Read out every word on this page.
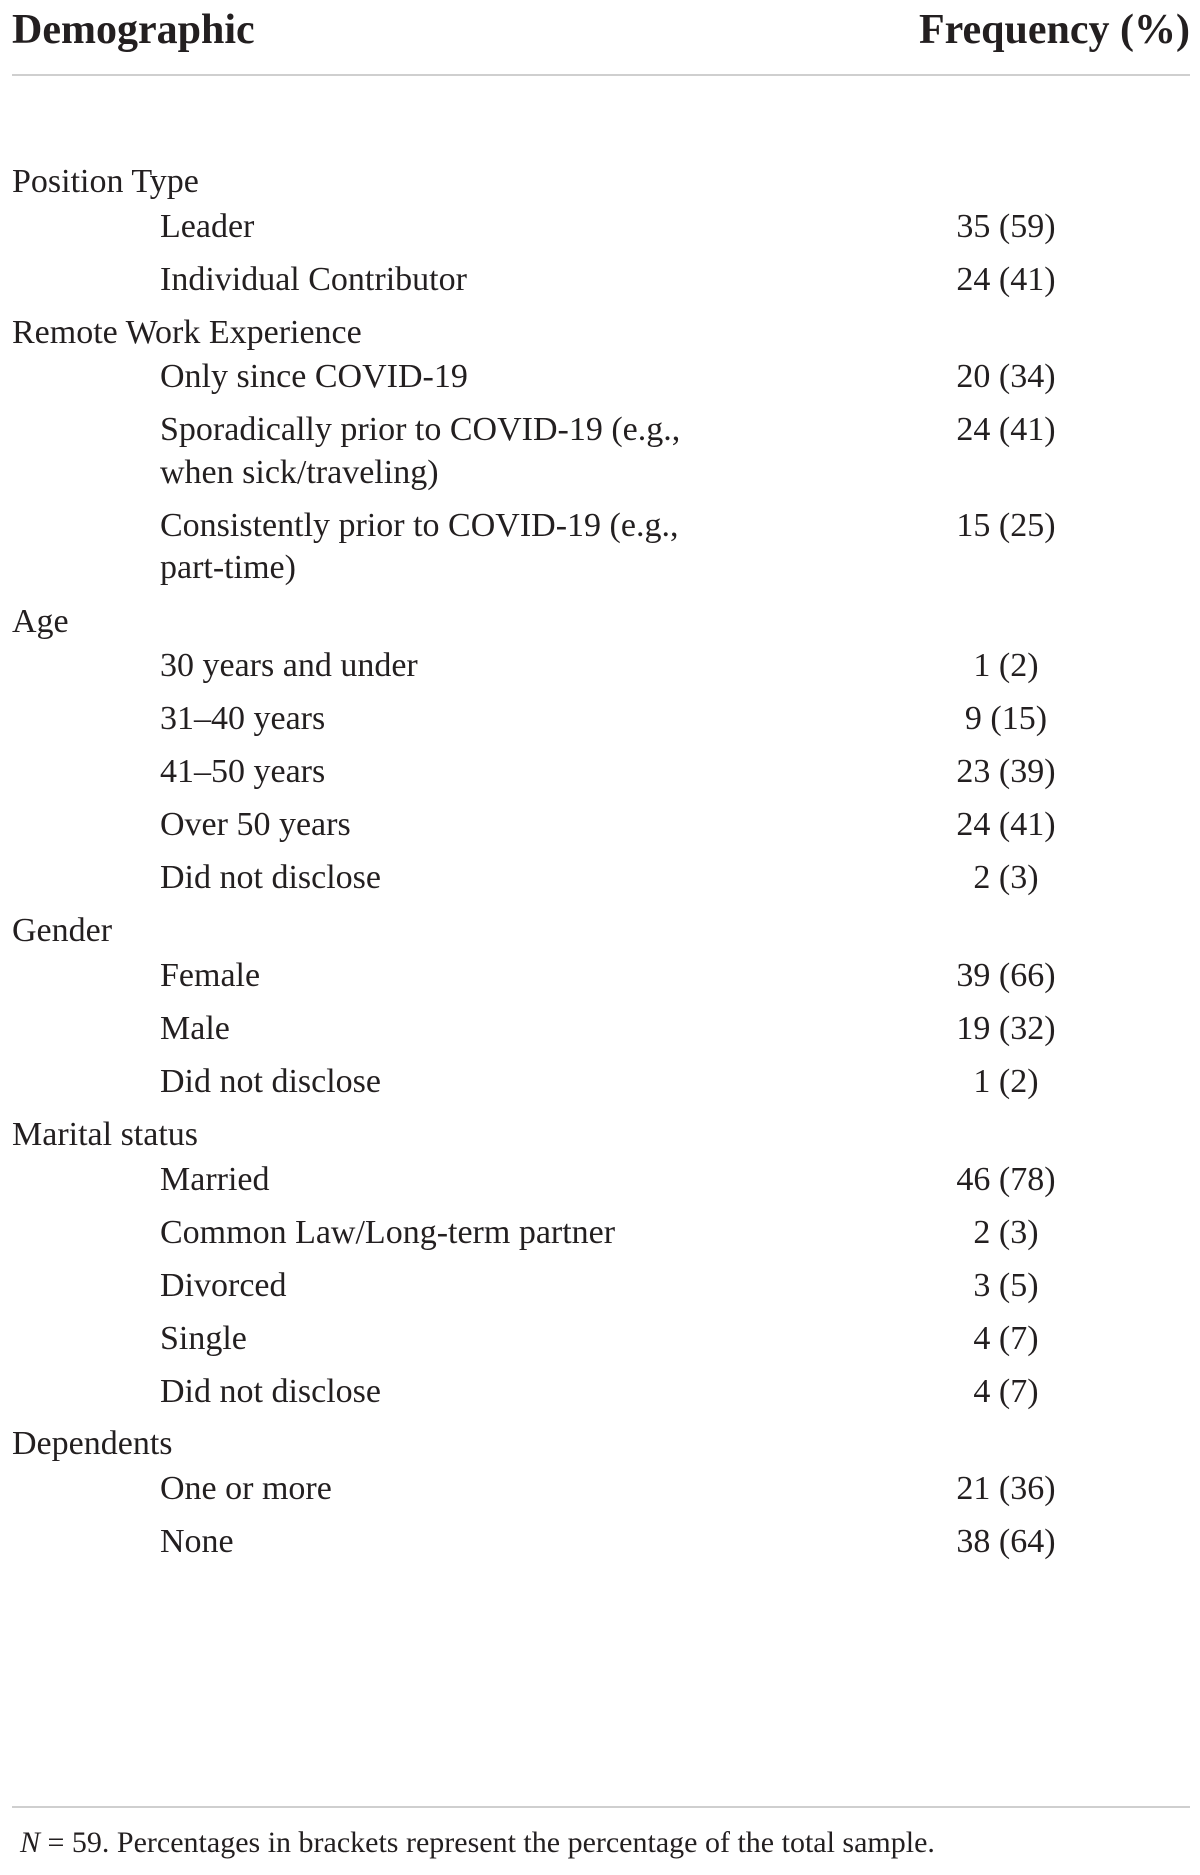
Demographic	Frequency (%)
Position Type
Leader	35 (59)
Individual Contributor	24 (41)
Remote Work Experience
Only since COVID-19	20 (34)
Sporadically prior to COVID-19 (e.g.,	24 (41)
when sick/traveling)
Consistently prior to COVID-19 (e.g.,	15 (25)
part-time)
Age
30 years and under	1 (2)
31–40 years	9 (15)
41–50 years	23 (39)
Over 50 years	24 (41)
Did not disclose	2 (3)
Gender
Female	39 (66)
Male	19 (32)
Did not disclose	1 (2)
Marital status
Married	46 (78)
Common Law/Long-term partner	2 (3)
Divorced	3 (5)
Single	4 (7)
Did not disclose	4 (7)
Dependents
One or more	21 (36)
None	38 (64)
N = 59. Percentages in brackets represent the percentage of the total sample.
